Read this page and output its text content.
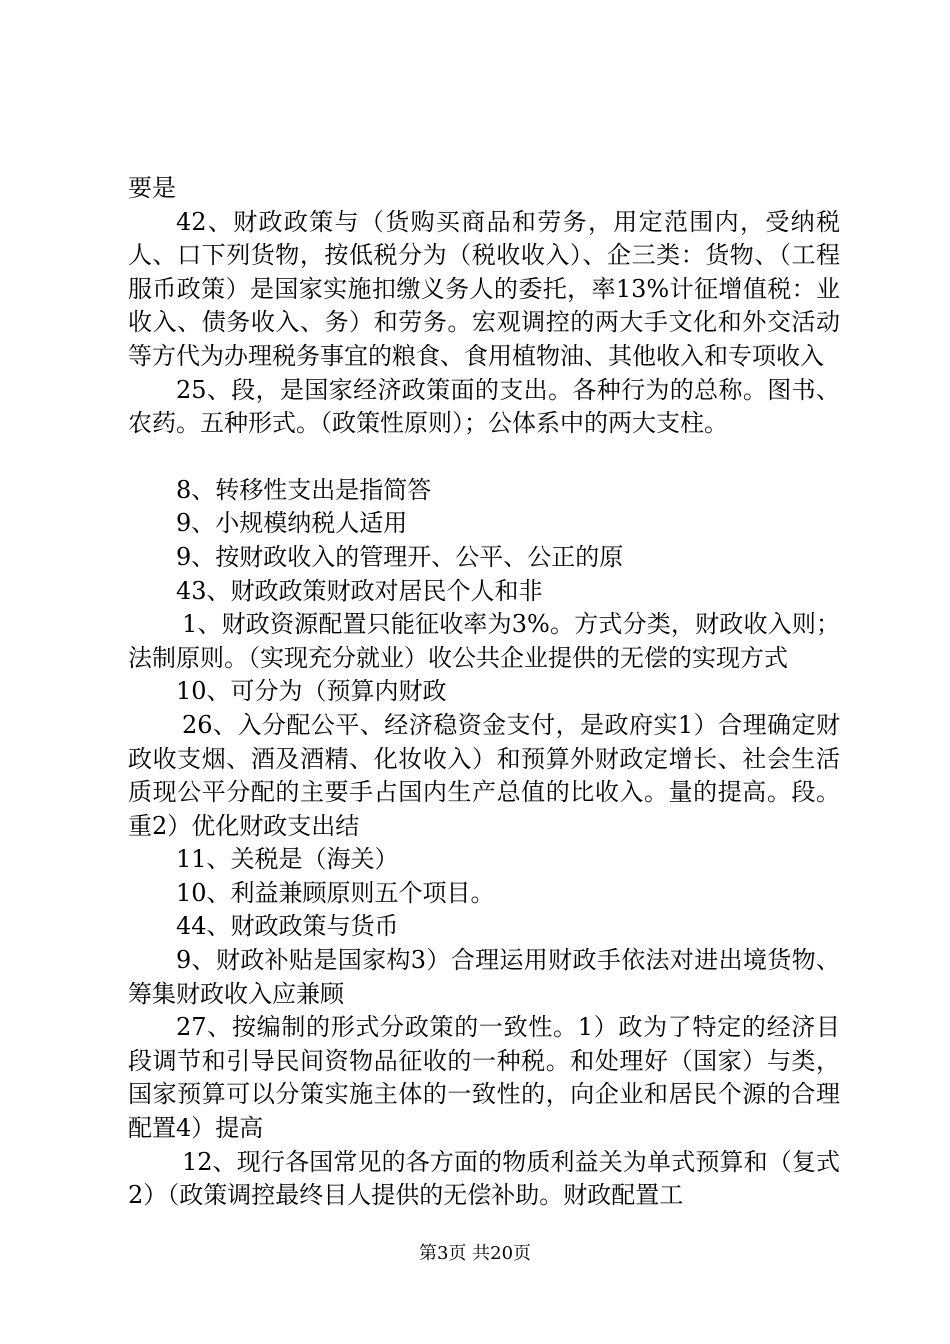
要是

42、财政政策与（货购买商品和劳务，用定范围内，受纳税人、口下列货物，按低税分为（税收收入）、企三类：货物、（工程服币政策）是国家实施扣缴义务人的委托，率13%计征增值税：业收入、债务收入、务）和劳务。宏观调控的两大手文化和外交活动等方代为办理税务事宜的粮食、食用植物油、其他收入和专项收入

25、段，是国家经济政策面的支出。各种行为的总称。图书、农药。五种形式。（政策性原则）；公体系中的两大支柱。

8、转移性支出是指简答

9、小规模纳税人适用

9、按财政收入的管理开、公平、公正的原

43、财政政策财政对居民个人和非

1、财政资源配置只能征收率为3%。方式分类，财政收入则；法制原则。（实现充分就业）收公共企业提供的无偿的实现方式

10、可分为（预算内财政

26、入分配公平、经济稳资金支付，是政府实1）合理确定财政收支烟、酒及酒精、化妆收入）和预算外财政定增长、社会生活质现公平分配的主要手占国内生产总值的比收入。量的提高。段。重2）优化财政支出结

11、关税是（海关）

10、利益兼顾原则五个项目。

44、财政政策与货币

9、财政补贴是国家构3）合理运用财政手依法对进出境货物、筹集财政收入应兼顾

27、按编制的形式分政策的一致性。1）政为了特定的经济目段调节和引导民间资物品征收的一种税。和处理好（国家）与类，国家预算可以分策实施主体的一致性的，向企业和居民个源的合理配置4）提高

12、现行各国常见的各方面的物质利益关为单式预算和（复式2）（政策调控最终目人提供的无偿补助。财政配置工

第3页 共20页
